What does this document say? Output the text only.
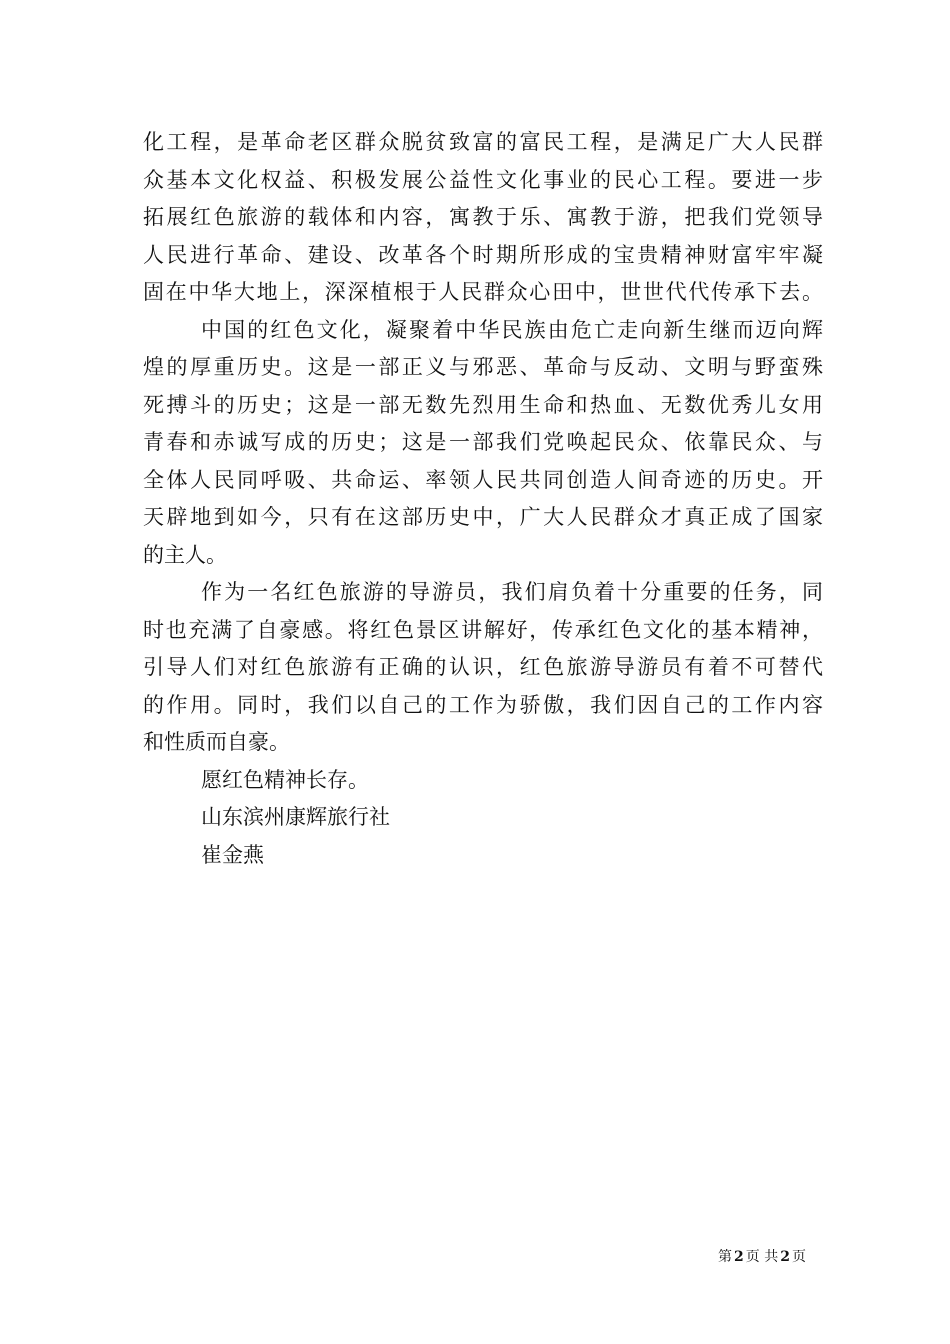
化工程，是革命老区群众脱贫致富的富民工程，是满足广大人民群
众基本文化权益、积极发展公益性文化事业的民心工程。要进一步
拓展红色旅游的载体和内容，寓教于乐、寓教于游，把我们党领导
人民进行革命、建设、改革各个时期所形成的宝贵精神财富牢牢凝
固在中华大地上，深深植根于人民群众心田中，世世代代传承下去。
中国的红色文化，凝聚着中华民族由危亡走向新生继而迈向辉
煌的厚重历史。这是一部正义与邪恶、革命与反动、文明与野蛮殊
死搏斗的历史；这是一部无数先烈用生命和热血、无数优秀儿女用
青春和赤诚写成的历史；这是一部我们党唤起民众、依靠民众、与
全体人民同呼吸、共命运、率领人民共同创造人间奇迹的历史。开
天辟地到如今，只有在这部历史中，广大人民群众才真正成了国家
的主人。
作为一名红色旅游的导游员，我们肩负着十分重要的任务，同
时也充满了自豪感。将红色景区讲解好，传承红色文化的基本精神，
引导人们对红色旅游有正确的认识，红色旅游导游员有着不可替代
的作用。同时，我们以自己的工作为骄傲，我们因自己的工作内容
和性质而自豪。
愿红色精神长存。
山东滨州康辉旅行社
崔金燕
第 2 页 共 2 页
